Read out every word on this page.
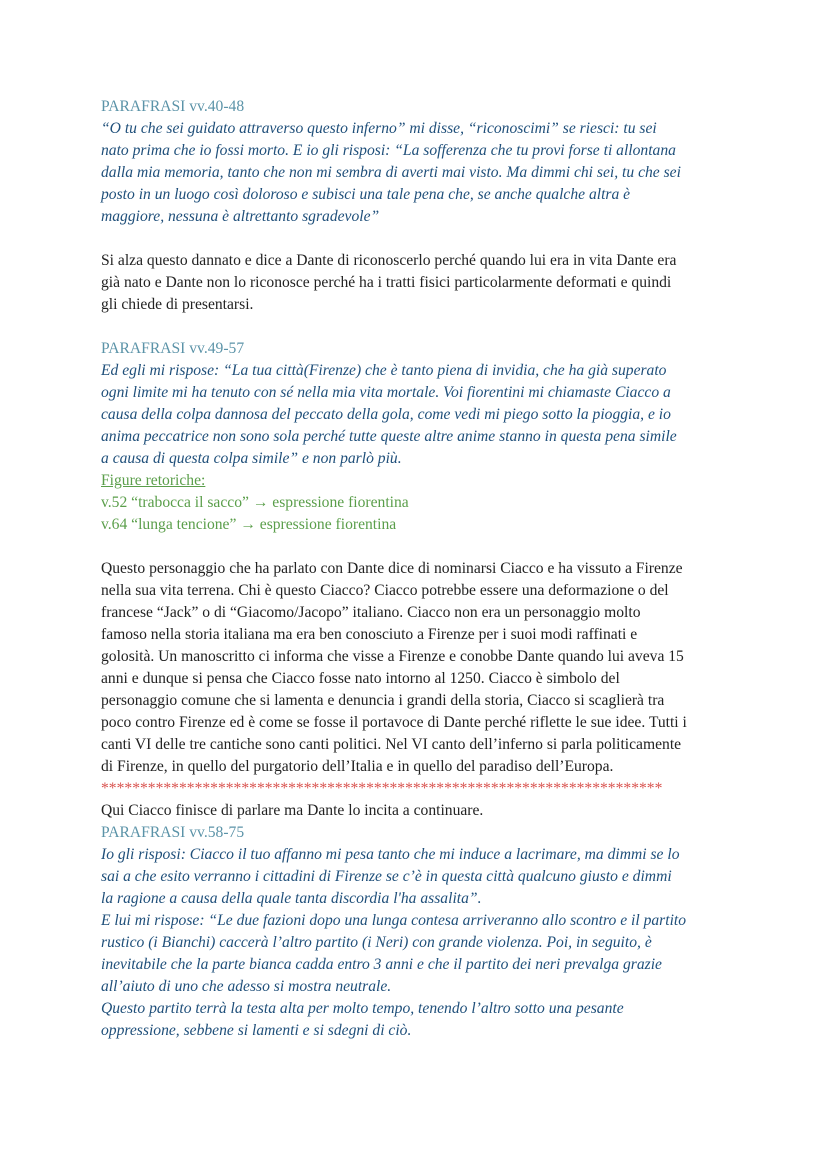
PARAFRASI vv.40-48

“O tu che sei guidato attraverso questo inferno” mi disse, “riconoscimi” se riesci: tu sei
nato prima che io fossi morto. E io gli risposi: “La sofferenza che tu provi forse ti allontana
dalla mia memoria, tanto che non mi sembra di averti mai visto. Ma dimmi chi sei, tu che sei
posto in un luogo così doloroso e subisci una tale pena che, se anche qualche altra è
maggiore, nessuna è altrettanto sgradevole”
Si alza questo dannato e dice a Dante di riconoscerlo perché quando lui era in vita Dante era
già nato e Dante non lo riconosce perché ha i tratti fisici particolarmente deformati e quindi
gli chiede di presentarsi.

PARAFRASI vv.49-57

Ed egli mi rispose: “La tua città(Firenze) che è tanto piena di invidia, che ha già superato
ogni limite mi ha tenuto con sé nella mia vita mortale. Voi fiorentini mi chiamaste Ciacco a
causa della colpa dannosa del peccato della gola, come vedi mi piego sotto la pioggia, e io
anima peccatrice non sono sola perché tutte queste altre anime stanno in questa pena simile
a causa di questa colpa simile” e non parlò più.

Figure retoriche:

v.52 “trabocca il sacco” → espressione fiorentina

v.64 “lunga tencione” → espressione fiorentina

Questo personaggio che ha parlato con Dante dice di nominarsi Ciacco e ha vissuto a Firenze
nella sua vita terrena. Chi è questo Ciacco? Ciacco potrebbe essere una deformazione o del
francese “Jack” o di “Giacomo/Jacopo” italiano. Ciacco non era un personaggio molto
famoso nella storia italiana ma era ben conosciuto a Firenze per i suoi modi raffinati e
golosità. Un manoscritto ci informa che visse a Firenze e conobbe Dante quando lui aveva 15
anni e dunque si pensa che Ciacco fosse nato intorno al 1250. Ciacco è simbolo del
personaggio comune che si lamenta e denuncia i grandi della storia, Ciacco si scaglierà tra
poco contro Firenze ed è come se fosse il portavoce di Dante perché riflette le sue idee. Tutti i
canti VI delle tre cantiche sono canti politici. Nel VI canto dell’inferno si parla politicamente
di Firenze, in quello del purgatorio dell’Italia e in quello del paradiso dell’Europa.

************************************************************************

Qui Ciacco finisce di parlare ma Dante lo incita a continuare.

PARAFRASI vv.58-75

Io gli risposi: Ciacco il tuo affanno mi pesa tanto che mi induce a lacrimare, ma dimmi se lo
sai a che esito verranno i cittadini di Firenze se c’è in questa città qualcuno giusto e dimmi
la ragione a causa della quale tanta discordia l'ha assalita”.
E lui mi rispose: “Le due fazioni dopo una lunga contesa arriveranno allo scontro e il partito
rustico (i Bianchi) caccerà l’altro partito (i Neri) con grande violenza. Poi, in seguito, è
inevitabile che la parte bianca cadda entro 3 anni e che il partito dei neri prevalga grazie
all’aiuto di uno che adesso si mostra neutrale.
Questo partito terrà la testa alta per molto tempo, tenendo l’altro sotto una pesante
oppressione, sebbene si lamenti e si sdegni di ciò.
